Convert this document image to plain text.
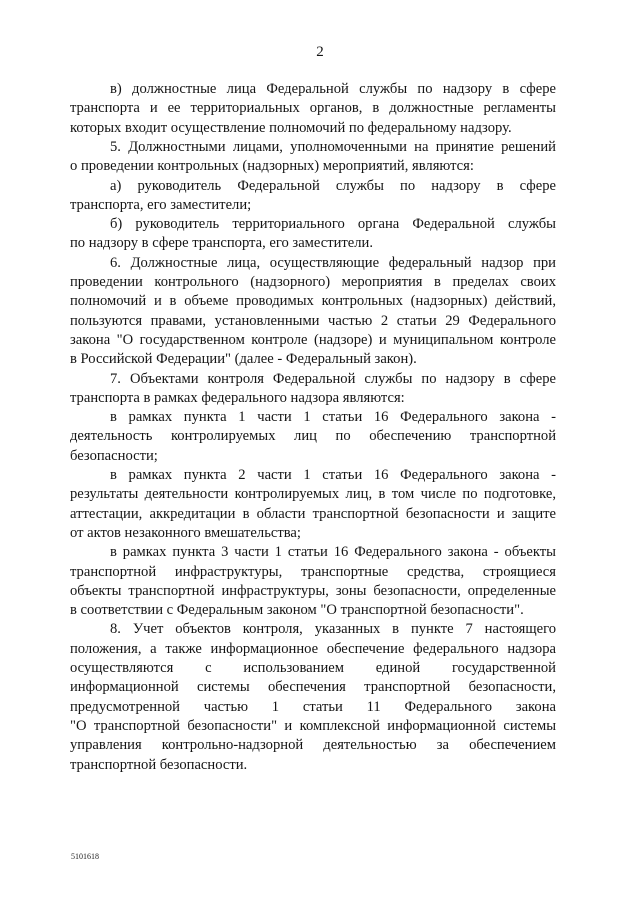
2
в) должностные лица Федеральной службы по надзору в сфере
транспорта и ее территориальных органов, в должностные регламенты
которых входит осуществление полномочий по федеральному надзору.
5. Должностными лицами, уполномоченными на принятие решений
о проведении контрольных (надзорных) мероприятий, являются:
а) руководитель Федеральной службы по надзору в сфере
транспорта, его заместители;
б) руководитель территориального органа Федеральной службы
по надзору в сфере транспорта, его заместители.
6. Должностные лица, осуществляющие федеральный надзор при
проведении контрольного (надзорного) мероприятия в пределах своих
полномочий и в объеме проводимых контрольных (надзорных) действий,
пользуются правами, установленными частью 2 статьи 29 Федерального
закона "О государственном контроле (надзоре) и муниципальном контроле
в Российской Федерации" (далее - Федеральный закон).
7. Объектами контроля Федеральной службы по надзору в сфере
транспорта в рамках федерального надзора являются:
в рамках пункта 1 части 1 статьи 16 Федерального закона -
деятельность контролируемых лиц по обеспечению транспортной
безопасности;
в рамках пункта 2 части 1 статьи 16 Федерального закона -
результаты деятельности контролируемых лиц, в том числе по подготовке,
аттестации, аккредитации в области транспортной безопасности и защите
от актов незаконного вмешательства;
в рамках пункта 3 части 1 статьи 16 Федерального закона - объекты
транспортной инфраструктуры, транспортные средства, строящиеся
объекты транспортной инфраструктуры, зоны безопасности, определенные
в соответствии с Федеральным законом "О транспортной безопасности".
8. Учет объектов контроля, указанных в пункте 7 настоящего
положения, а также информационное обеспечение федерального надзора
осуществляются с использованием единой государственной
информационной системы обеспечения транспортной безопасности,
предусмотренной частью 1 статьи 11 Федерального закона
"О транспортной безопасности" и комплексной информационной системы
управления контрольно-надзорной деятельностью за обеспечением
транспортной безопасности.
5101618
